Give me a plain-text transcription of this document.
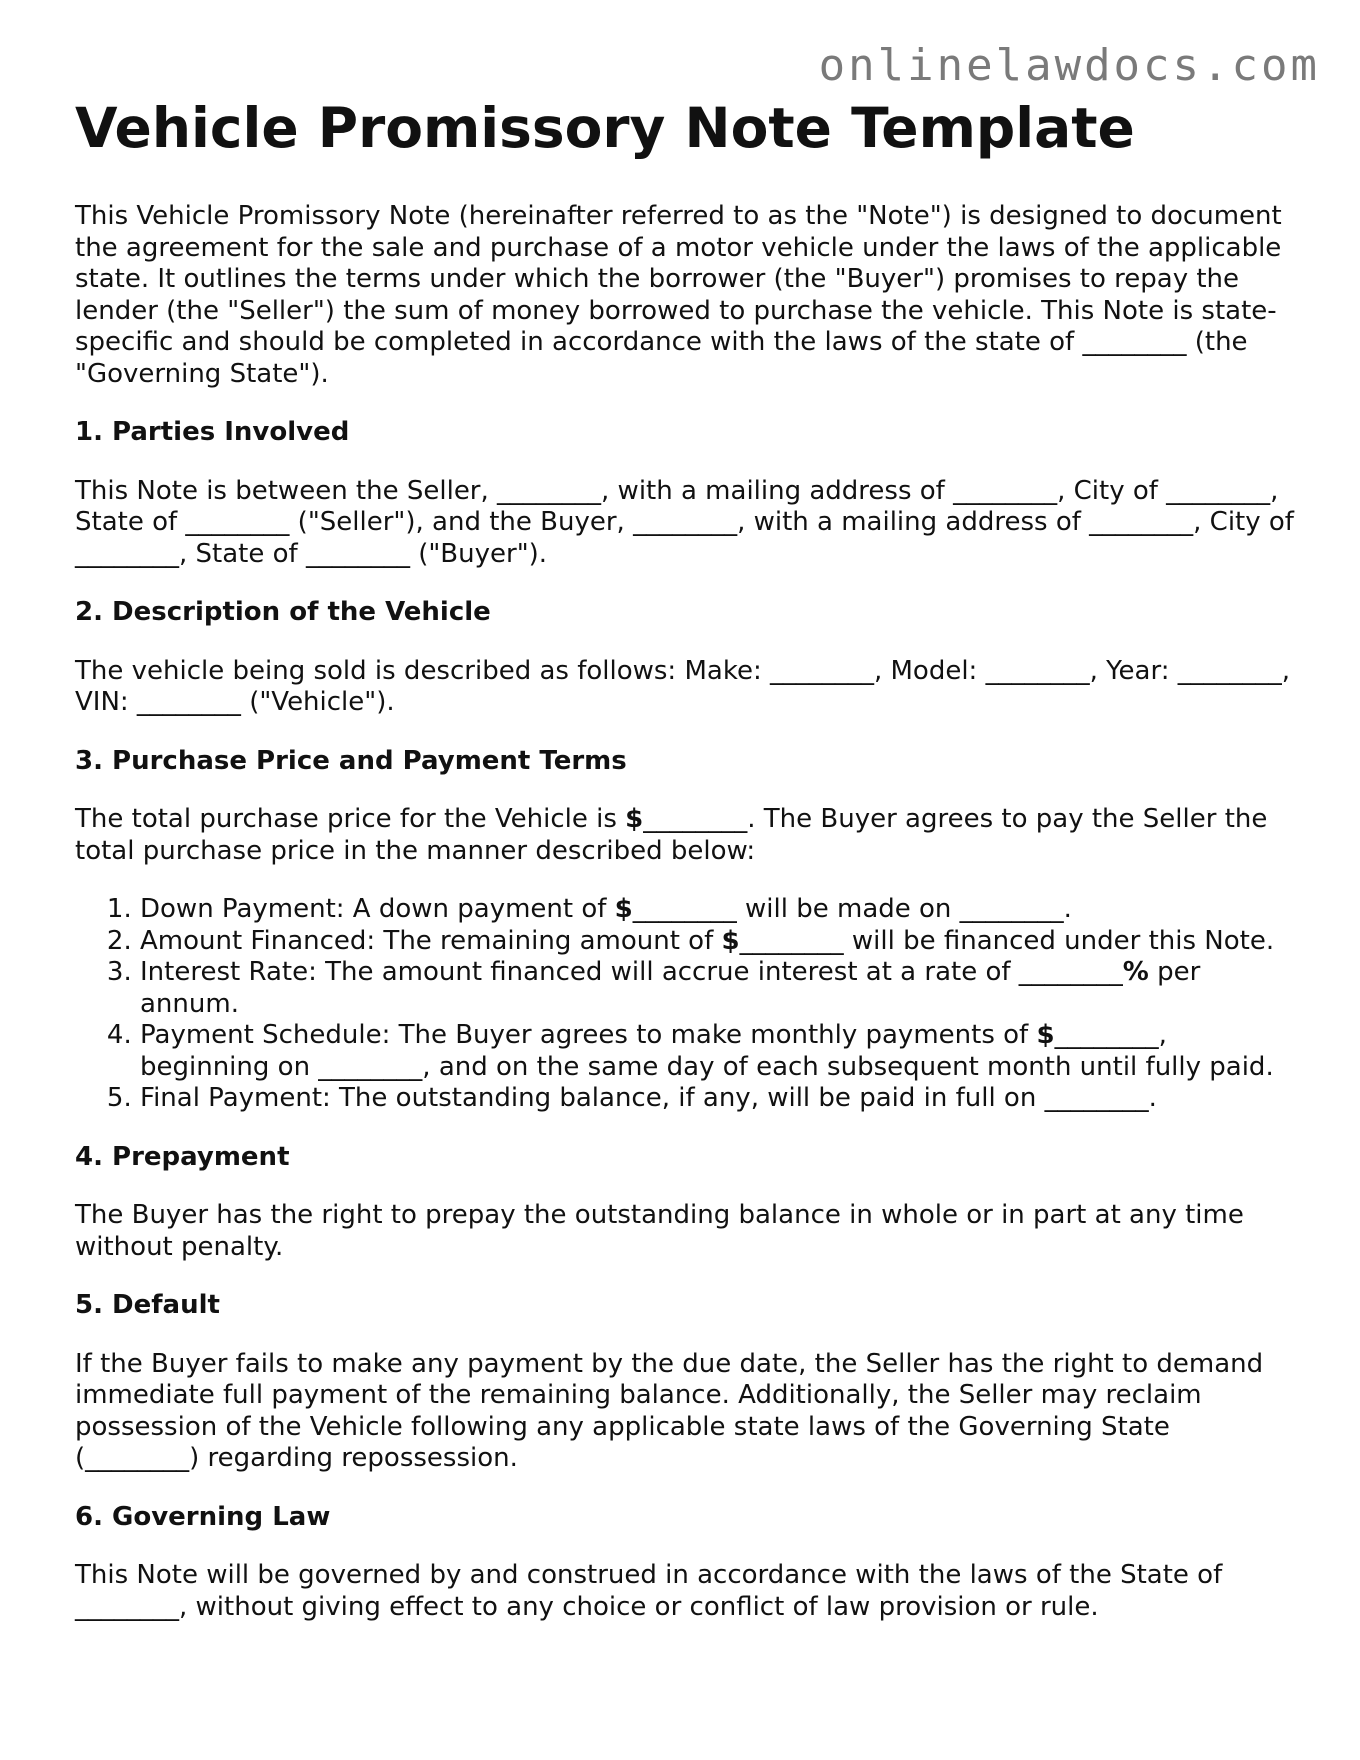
onlinelawdocs.com
Vehicle Promissory Note Template

This Vehicle Promissory Note (hereinafter referred to as the "Note") is designed to document the agreement for the sale and purchase of a motor vehicle under the laws of the applicable state. It outlines the terms under which the borrower (the "Buyer") promises to repay the lender (the "Seller") the sum of money borrowed to purchase the vehicle. This Note is state-specific and should be completed in accordance with the laws of the state of ________ (the "Governing State").

1. Parties Involved

This Note is between the Seller, ________, with a mailing address of ________, City of ________, State of ________ ("Seller"), and the Buyer, ________, with a mailing address of ________, City of ________, State of ________ ("Buyer").

2. Description of the Vehicle

The vehicle being sold is described as follows: Make: ________, Model: ________, Year: ________, VIN: ________ ("Vehicle").

3. Purchase Price and Payment Terms

The total purchase price for the Vehicle is $________. The Buyer agrees to pay the Seller the total purchase price in the manner described below:

1. Down Payment: A down payment of $________ will be made on ________.
2. Amount Financed: The remaining amount of $________ will be financed under this Note.
3. Interest Rate: The amount financed will accrue interest at a rate of ________% per annum.
4. Payment Schedule: The Buyer agrees to make monthly payments of $________, beginning on ________, and on the same day of each subsequent month until fully paid.
5. Final Payment: The outstanding balance, if any, will be paid in full on ________.
4. Prepayment

The Buyer has the right to prepay the outstanding balance in whole or in part at any time without penalty.

5. Default

If the Buyer fails to make any payment by the due date, the Seller has the right to demand immediate full payment of the remaining balance. Additionally, the Seller may reclaim possession of the Vehicle following any applicable state laws of the Governing State (________) regarding repossession.

6. Governing Law

This Note will be governed by and construed in accordance with the laws of the State of ________, without giving effect to any choice or conflict of law provision or rule.
